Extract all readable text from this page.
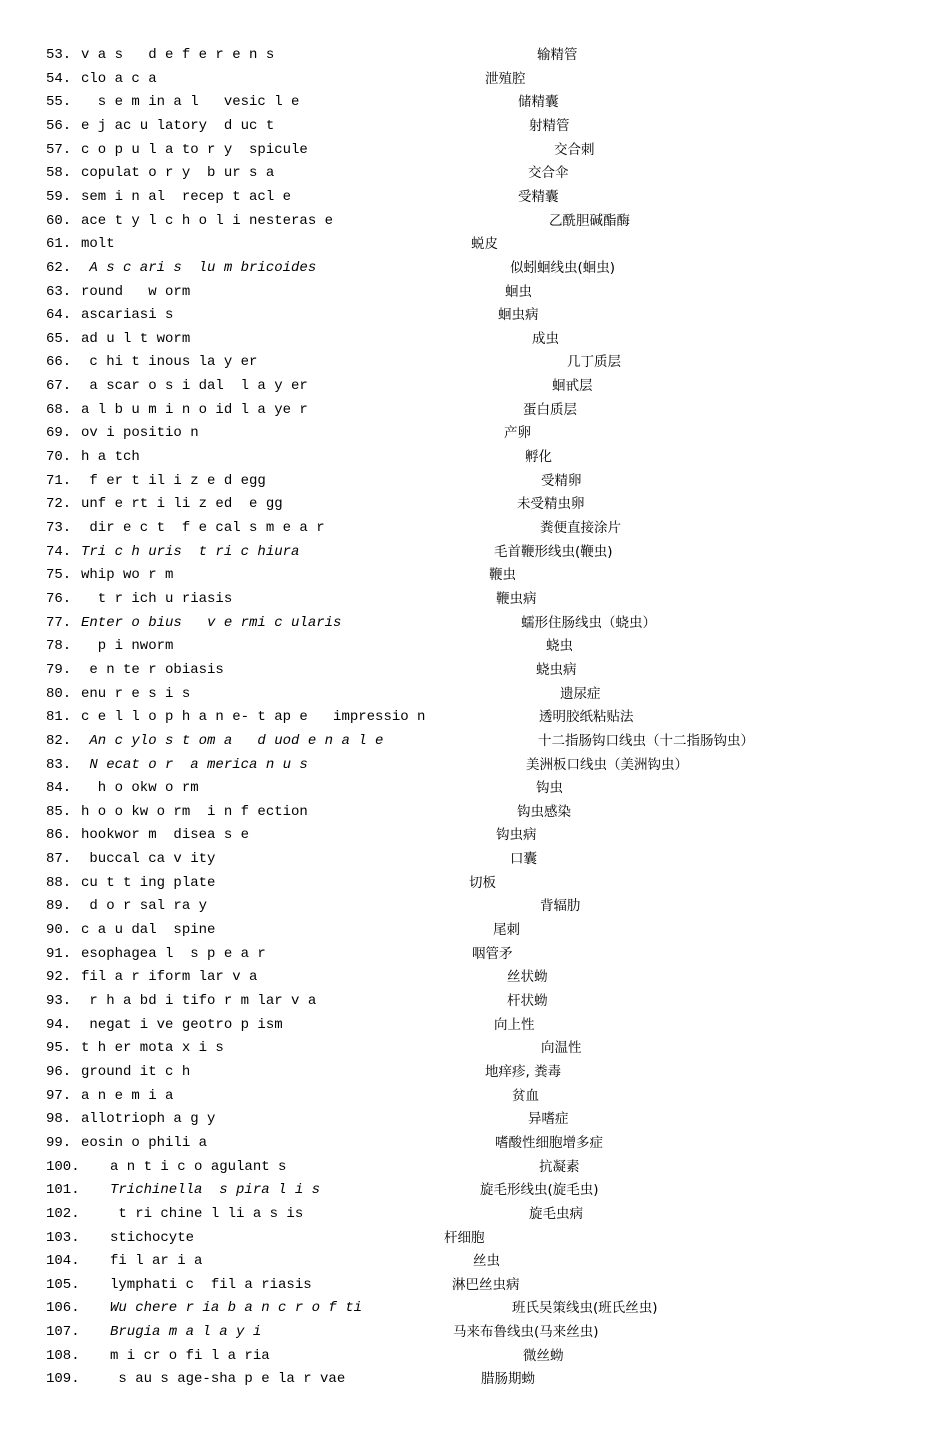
53. v a s   d e f e r e n s	输精管
54. clo a c a	泄殖腔
55. s e m in a l   vesic l e	储精囊
56. e j ac u latory  d uc t	射精管
57. c o p u l a to r y  spicule	交合刺
58. copulat o r y  b ur s a	交合伞
59. sem i n al  recep t acl e	受精囊
60. ace t y l c h o l i nesteras e	乙酰胆碱酯酶
61. molt	蜕皮
62. A s c ari s  lu m bricoides	似蚓蛔线虫(蛔虫)
63. round   w orm	蛔虫
64. ascariasi s	蛔虫病
65. ad u l t worm	成虫
66. c hi t inous la y er	几丁质层
67. a scar o s i dal  l a y er	蛔甙层
68. a l b u m i n o id l a ye r	蛋白质层
69. ov i positio n	产卵
70. h a tch	孵化
71. f er t il i z e d egg	受精卵
72. unf e rt i li z ed  e gg	未受精虫卵
73. dir e c t  f e cal s m e a r	粪便直接涂片
74. Tri c h uris  t ri c hiura	毛首鞭形线虫(鞭虫)
75. whip wo r m	鞭虫
76. t r ich u riasis	鞭虫病
77. Enter o bius   v e rmi c ularis	蠕形住肠线虫（蛲虫）
78. p i nworm	蛲虫
79. e n te r obiasis	蛲虫病
80. enu r e s i s	遗尿症
81. c e l l o p h a n e- t ap e   impressio n	透明胶纸粘贴法
82. An c ylo s t om a   d uod e n a l e	十二指肠钩口线虫（十二指肠钩虫）
83. N ecat o r  a merica n u s	美洲板口线虫（美洲钩虫）
84. h o okw o rm	钩虫
85. h o o kw o rm  i n f ection	钩虫感染
86. hookwor m  disea s e	钩虫病
87. buccal ca v ity	口囊
88. cu t t ing plate	切板
89. d o r sal ra y	背辐肋
90. c a u dal  spine	尾刺
91. esophagea l  s p e a r	咽管矛
92. fil a r iform lar v a	丝状蚴
93. r h a bd i tifo r m lar v a	杆状蚴
94. negat i ve geotro p ism	向上性
95. t h er mota x i s	向温性
96. ground it c h	地痒疹, 粪毒
97. a n e m i a	贫血
98. allotrioph a g y	异嗜症
99. eosin o phili a	嗜酸性细胞增多症
100. a n t i c o agulant s	抗凝素
101. Trichinella  s pira l i s	旋毛形线虫(旋毛虫)
102. t ri chine l li a s is	旋毛虫病
103. stichocyte	杆细胞
104. fi l ar i a	丝虫
105. lymphati c  fil a riasis	淋巴丝虫病
106. Wu chere r ia b a n c r o f ti	班氏吴策线虫(班氏丝虫)
107. Brugia m a l a y i	马来布鲁线虫(马来丝虫)
108. m i cr o fi l a ria	微丝蚴
109. s au s age-sha p e la r vae	腊肠期蚴
